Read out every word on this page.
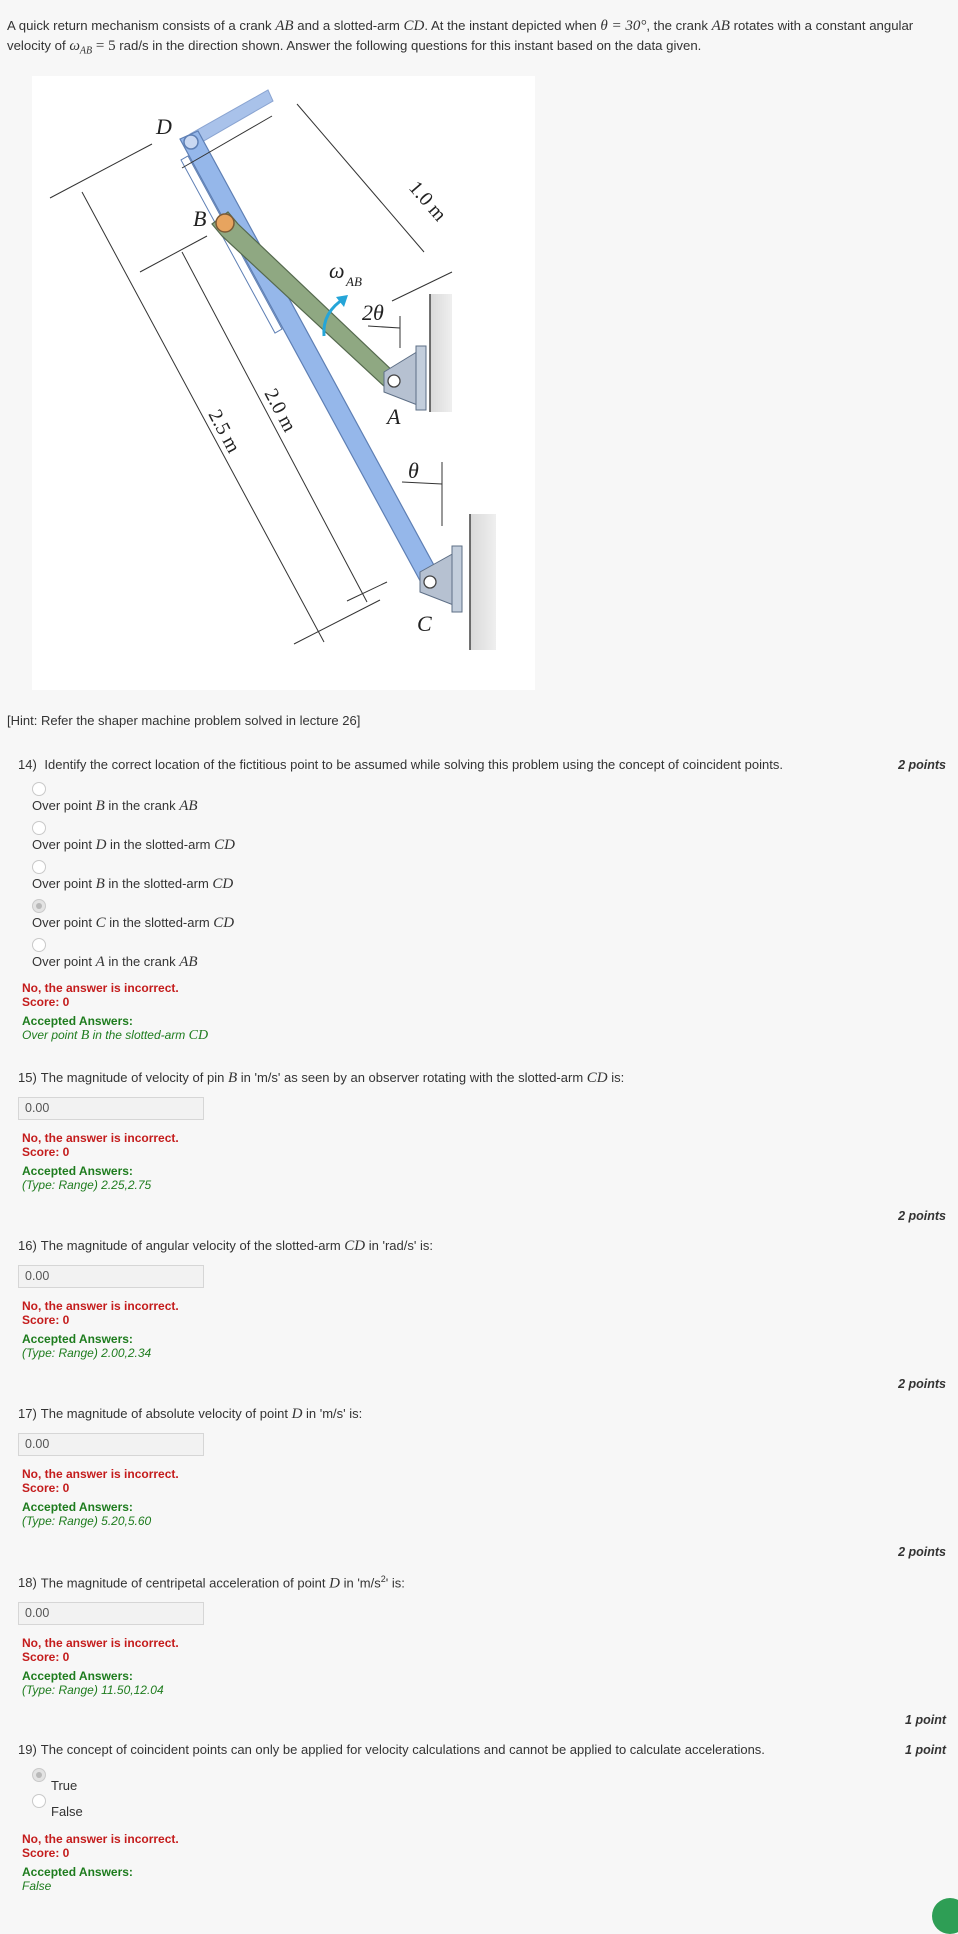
A quick return mechanism consists of a crank AB and a slotted-arm CD. At the instant depicted when θ = 30°, the crank AB rotates with a constant angular
velocity of $\omega_{AB} = 5$ rad/s in the direction shown. Answer the following questions for this instant based on the data given.
D
B
A
C
ω AB
2θ
θ
1.0 m
2.0 m
2.5 m
[Hint: Refer the shaper machine problem solved in lecture 26]
14) Identify the correct location of the fictitious point to be assumed while solving this problem using the concept of coincident points.	2 points
Over point B in the crank AB
Over point D in the slotted-arm CD
Over point B in the slotted-arm CD
Over point C in the slotted-arm CD
Over point A in the crank AB
No, the answer is incorrect.
Score: 0
Accepted Answers:
Over point B in the slotted-arm CD
15) The magnitude of velocity of pin B in 'm/s' as seen by an observer rotating with the slotted-arm CD is:
0.00
No, the answer is incorrect.
Score: 0
Accepted Answers:
(Type: Range) 2.25,2.75
2 points
16) The magnitude of angular velocity of the slotted-arm CD in 'rad/s' is:
0.00
No, the answer is incorrect.
Score: 0
Accepted Answers:
(Type: Range) 2.00,2.34
2 points
17) The magnitude of absolute velocity of point D in 'm/s' is:
0.00
No, the answer is incorrect.
Score: 0
Accepted Answers:
(Type: Range) 5.20,5.60
2 points
18) The magnitude of centripetal acceleration of point D in '$m/s^2$' is:
0.00
No, the answer is incorrect.
Score: 0
Accepted Answers:
(Type: Range) 11.50,12.04
1 point
19) The concept of coincident points can only be applied for velocity calculations and cannot be applied to calculate accelerations.	1 point
True
False
No, the answer is incorrect.
Score: 0
Accepted Answers:
False
